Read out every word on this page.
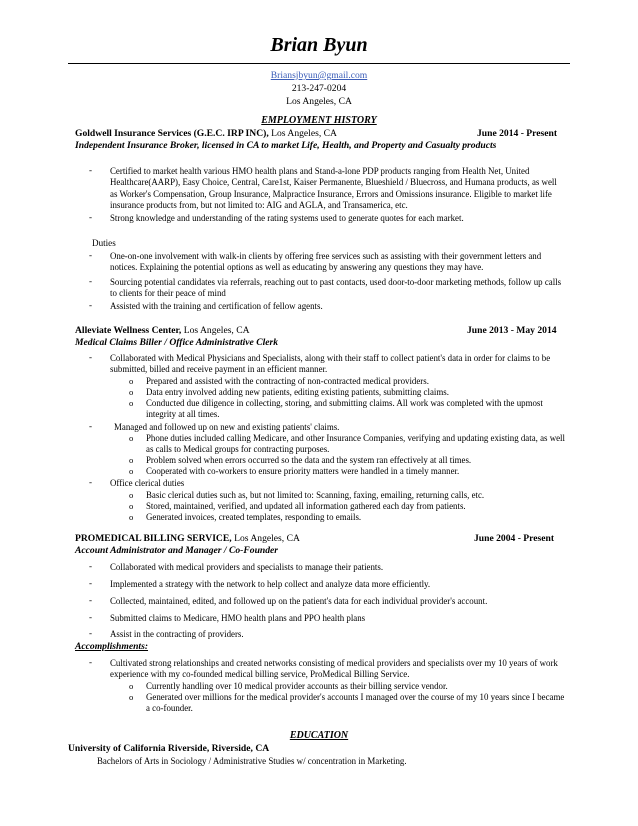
Brian Byun
Briansjbyun@gmail.com
213-247-0204
Los Angeles, CA
EMPLOYMENT HISTORY
Goldwell Insurance Services (G.E.C. IRP INC), Los Angeles, CA	June 2014 - Present
Independent Insurance Broker, licensed in CA to market Life, Health, and Property and Casualty products
- Certified to market health various HMO health plans and Stand-a-lone PDP products ranging from Health Net, United Healthcare(AARP), Easy Choice, Central, Care1st, Kaiser Permanente, Blueshield / Bluecross, and Humana products, as well as Worker's Compensation, Group Insurance, Malpractice Insurance, Errors and Omissions insurance. Eligible to market life insurance products from, but not limited to: AIG and AGLA, and Transamerica, etc.
- Strong knowledge and understanding of the rating systems used to generate quotes for each market.
Duties
- One-on-one involvement with walk-in clients by offering free services such as assisting with their government letters and notices. Explaining the potential options as well as educating by answering any questions they may have.
- Sourcing potential candidates via referrals, reaching out to past contacts, used door-to-door marketing methods, follow up calls to clients for their peace of mind
- Assisted with the training and certification of fellow agents.
Alleviate Wellness Center, Los Angeles, CA	June 2013 - May 2014
Medical Claims Biller / Office Administrative Clerk
- Collaborated with Medical Physicians and Specialists, along with their staff to collect patient's data in order for claims to be submitted, billed and receive payment in an efficient manner.
o Prepared and assisted with the contracting of non-contracted medical providers.
o Data entry involved adding new patients, editing existing patients, submitting claims.
o Conducted due diligence in collecting, storing, and submitting claims. All work was completed with the upmost integrity at all times.
- Managed and followed up on new and existing patients' claims.
o Phone duties included calling Medicare, and other Insurance Companies, verifying and updating existing data, as well as calls to Medical groups for contracting purposes.
o Problem solved when errors occurred so the data and the system ran effectively at all times.
o Cooperated with co-workers to ensure priority matters were handled in a timely manner.
- Office clerical duties
o Basic clerical duties such as, but not limited to: Scanning, faxing, emailing, returning calls, etc.
o Stored, maintained, verified, and updated all information gathered each day from patients.
o Generated invoices, created templates, responding to emails.
PROMEDICAL BILLING SERVICE, Los Angeles, CA	June 2004 - Present
Account Administrator and Manager / Co-Founder
- Collaborated with medical providers and specialists to manage their patients.
- Implemented a strategy with the network to help collect and analyze data more efficiently.
- Collected, maintained, edited, and followed up on the patient's data for each individual provider's account.
- Submitted claims to Medicare, HMO health plans and PPO health plans
- Assist in the contracting of providers.
Accomplishments:
- Cultivated strong relationships and created networks consisting of medical providers and specialists over my 10 years of work experience with my co-founded medical billing service, ProMedical Billing Service.
o Currently handling over 10 medical provider accounts as their billing service vendor.
o Generated over millions for the medical provider's accounts I managed over the course of my 10 years since I became a co-founder.
EDUCATION
University of California Riverside, Riverside, CA
Bachelors of Arts in Sociology / Administrative Studies w/ concentration in Marketing.
